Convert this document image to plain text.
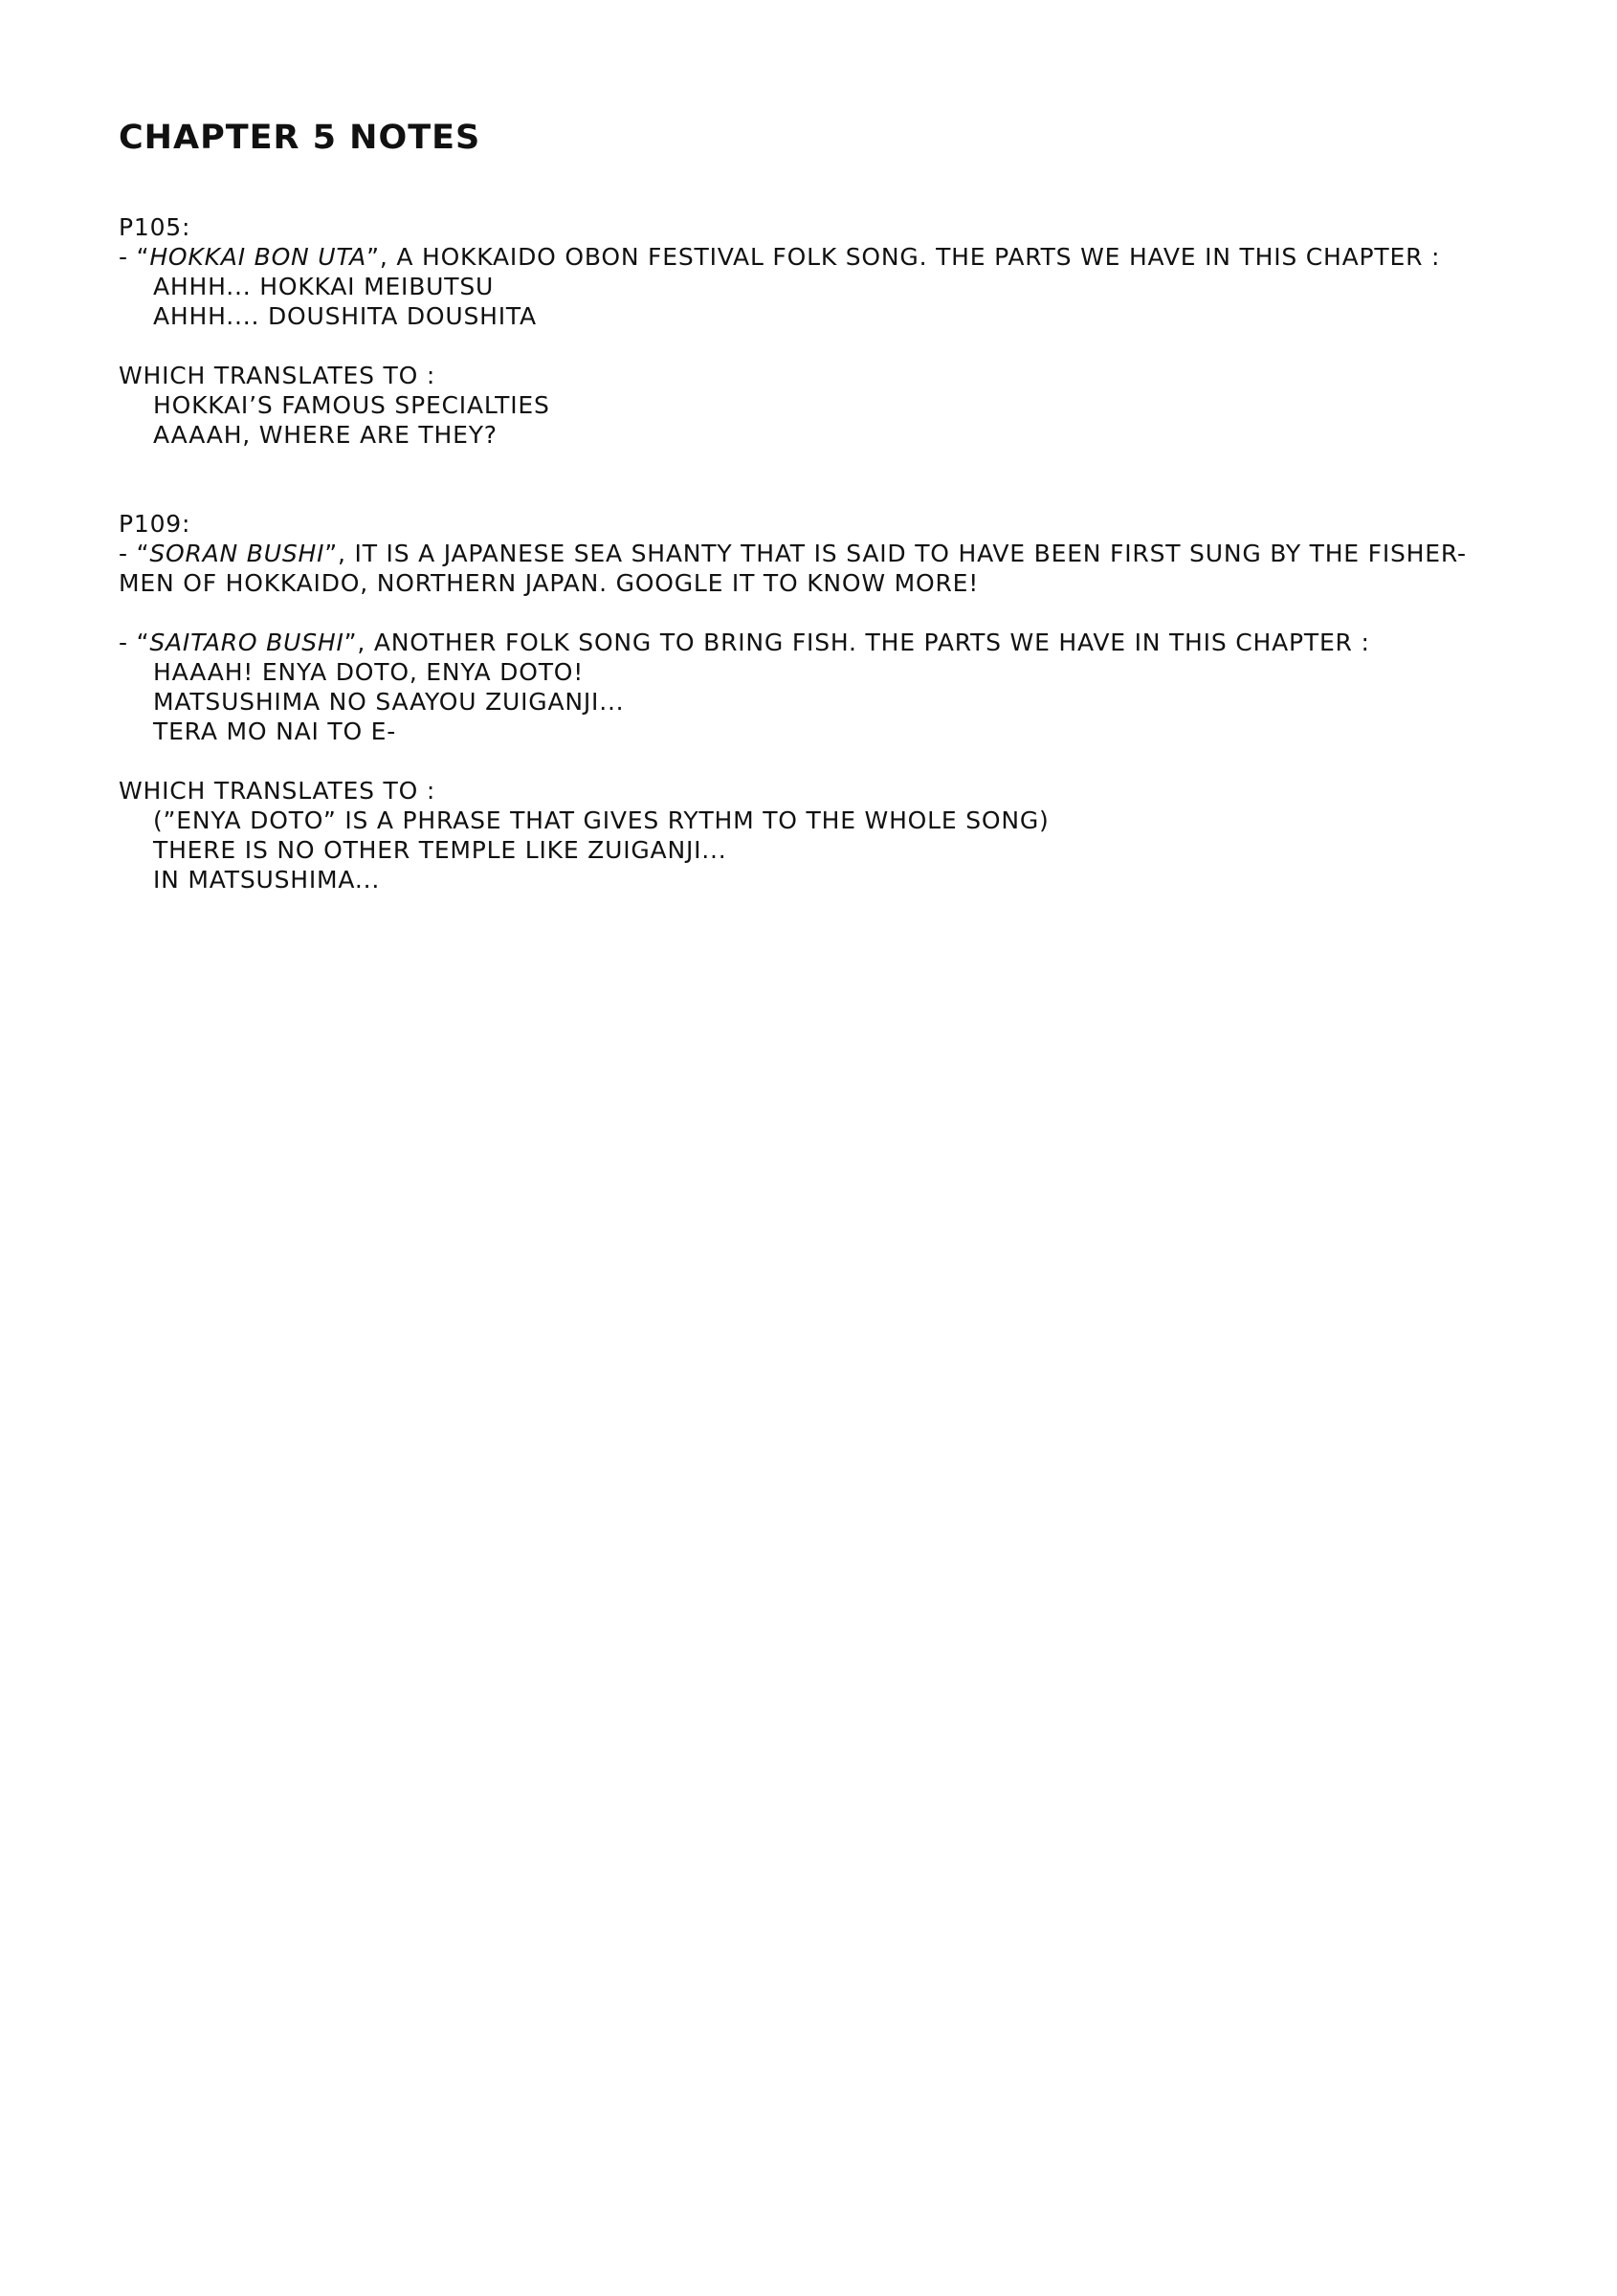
CHAPTER 5 NOTES
P105:
- “HOKKAI BON UTA”, A HOKKAIDO OBON FESTIVAL FOLK SONG. THE PARTS WE HAVE IN THIS CHAPTER :
AHHH... HOKKAI MEIBUTSU
AHHH.... DOUSHITA DOUSHITA
WHICH TRANSLATES TO :
HOKKAI’S FAMOUS SPECIALTIES
AAAAH, WHERE ARE THEY?
P109:
- “SORAN BUSHI”, IT IS A JAPANESE SEA SHANTY THAT IS SAID TO HAVE BEEN FIRST SUNG BY THE FISHER-
MEN OF HOKKAIDO, NORTHERN JAPAN. GOOGLE IT TO KNOW MORE!
- “SAITARO BUSHI”, ANOTHER FOLK SONG TO BRING FISH. THE PARTS WE HAVE IN THIS CHAPTER :
HAAAH! ENYA DOTO, ENYA DOTO!
MATSUSHIMA NO SAAYOU ZUIGANJI...
TERA MO NAI TO E-
WHICH TRANSLATES TO :
(”ENYA DOTO” IS A PHRASE THAT GIVES RYTHM TO THE WHOLE SONG)
THERE IS NO OTHER TEMPLE LIKE ZUIGANJI...
IN MATSUSHIMA...
